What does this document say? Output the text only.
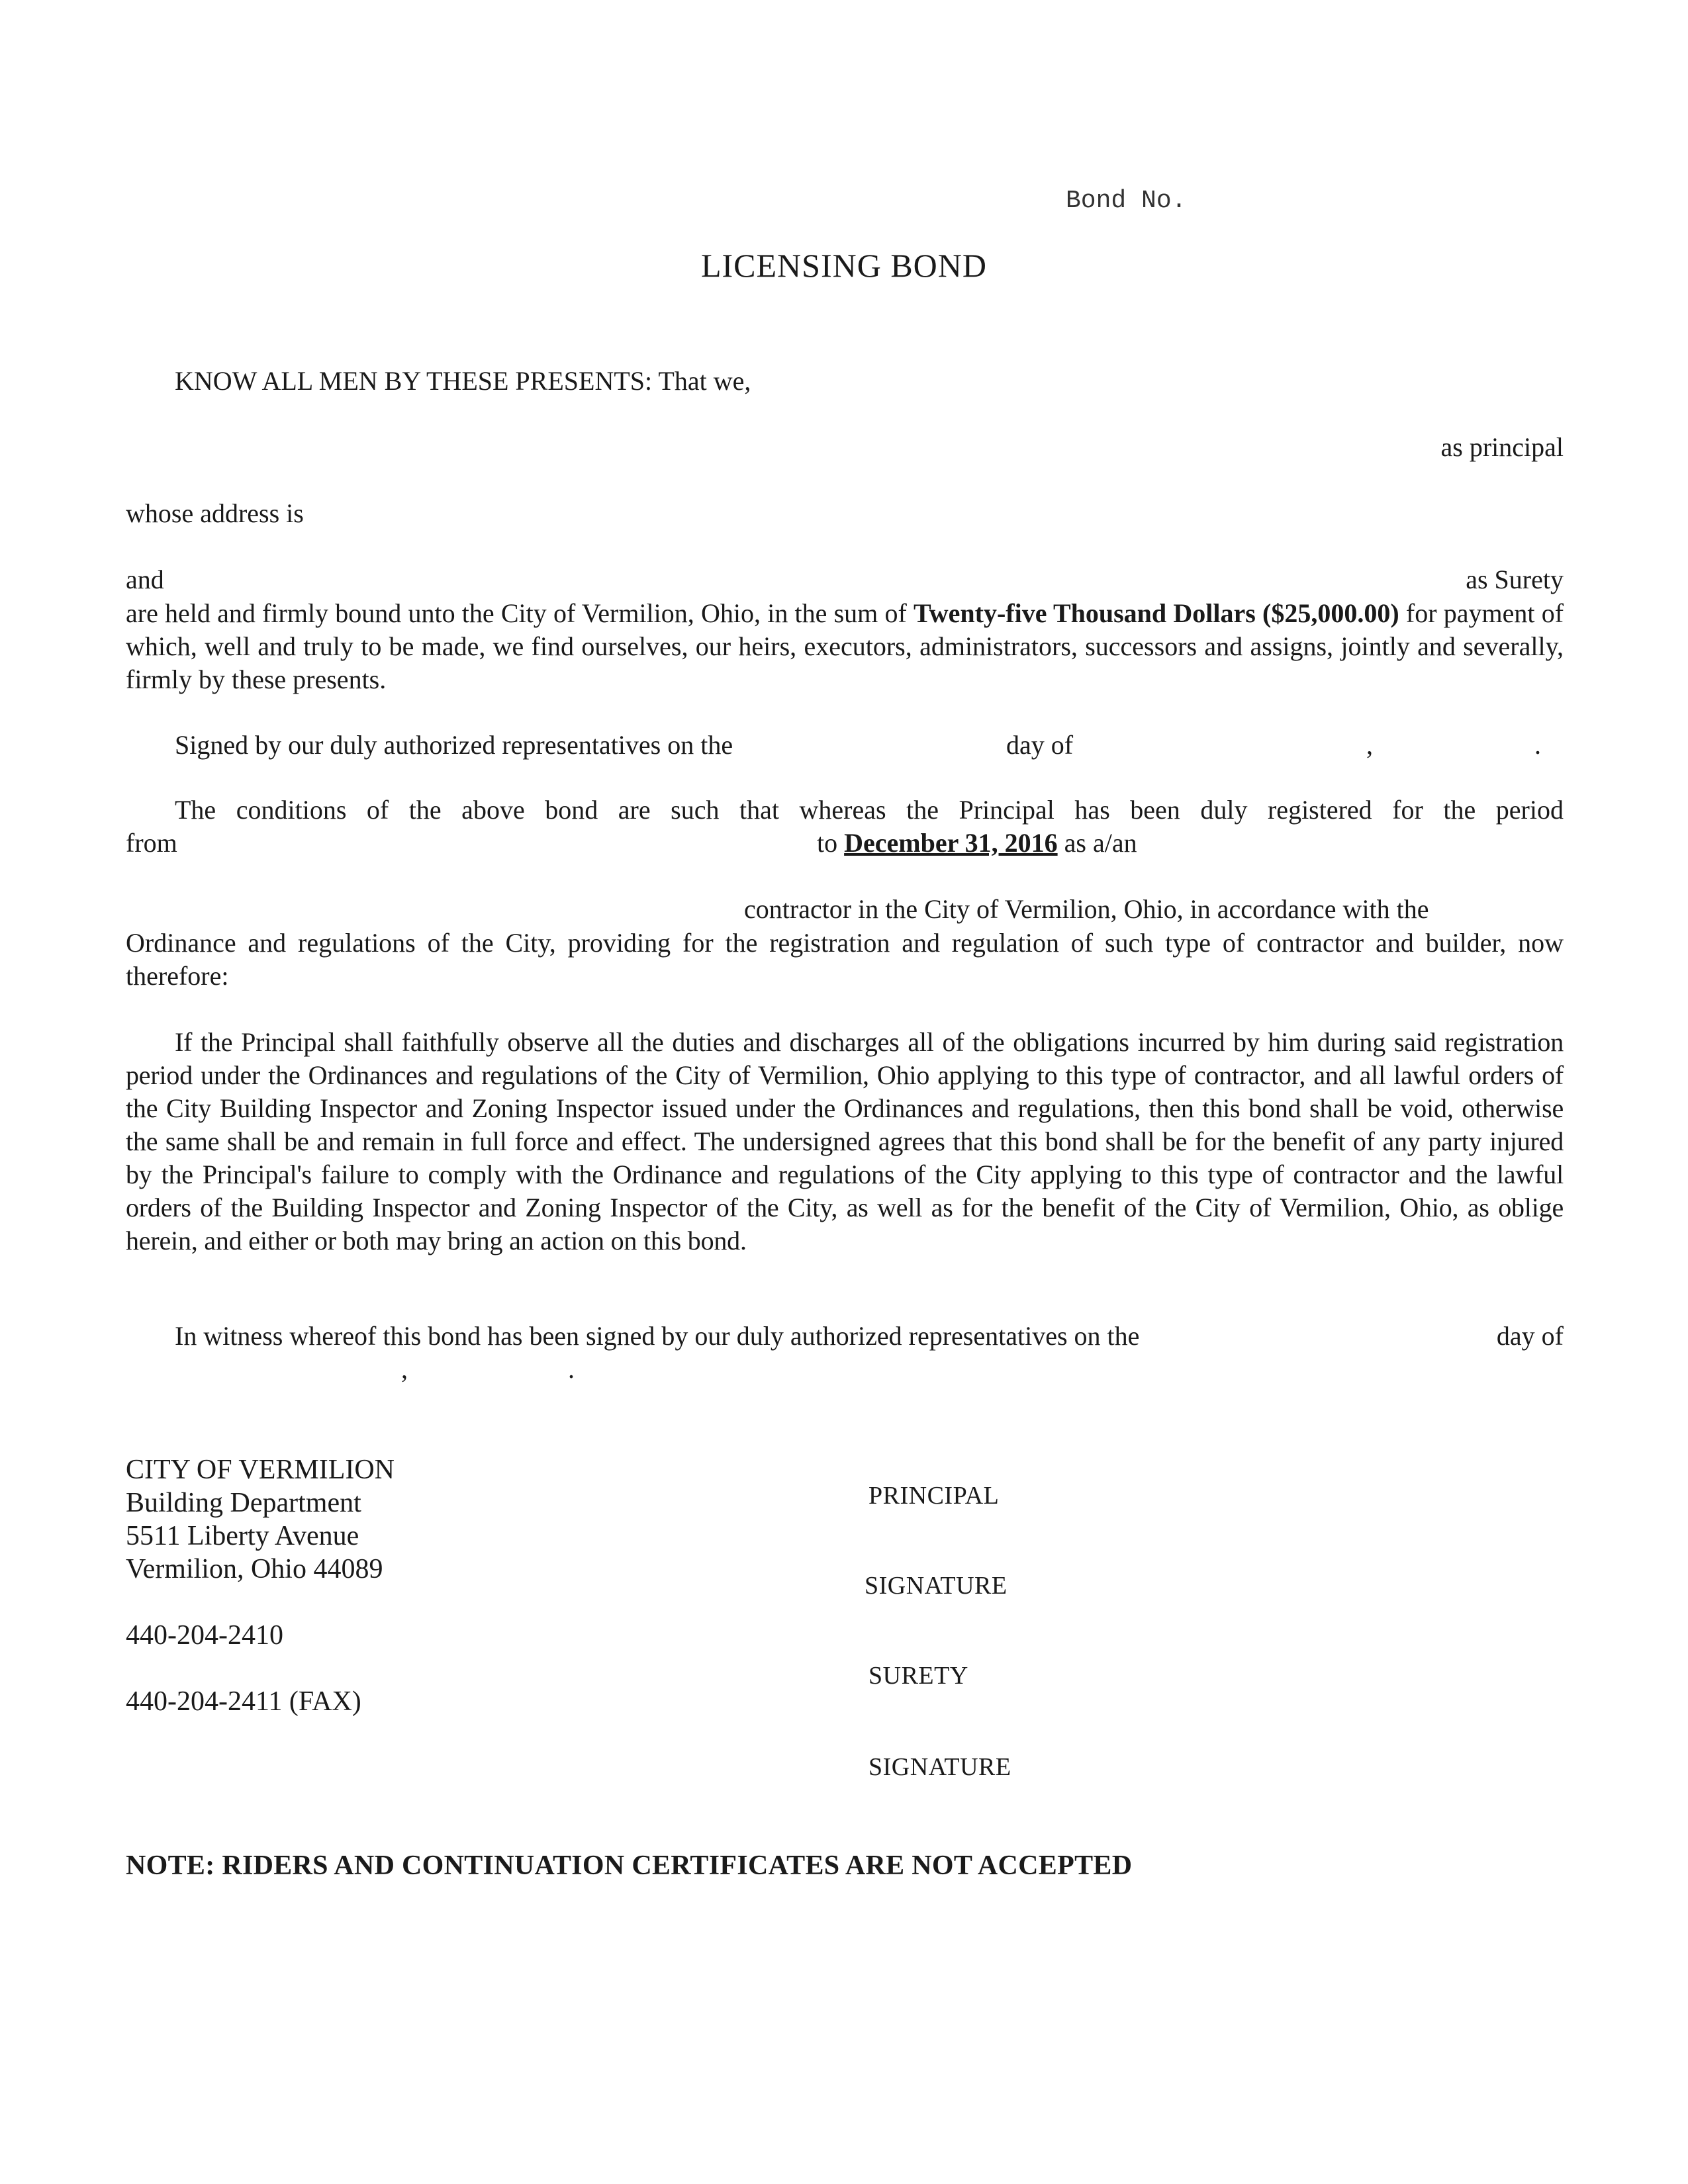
Bond No.
LICENSING BOND
KNOW ALL MEN BY THESE PRESENTS: That we,
as principal
whose address is
and	as Surety
are held and firmly bound unto the City of Vermilion, Ohio, in the sum of Twenty-five Thousand Dollars ($25,000.00) for payment of which, well and truly to be made, we find ourselves, our heirs, executors, administrators, successors and assigns, jointly and severally, firmly by these presents.
Signed by our duly authorized representatives on the	day of	,	.
The conditions of the above bond are such that whereas the Principal has been duly registered for the period
from	to December 31, 2016 as a/an
contractor in the City of Vermilion, Ohio, in accordance with the
Ordinance and regulations of the City, providing for the registration and regulation of such type of contractor and builder, now therefore:
If the Principal shall faithfully observe all the duties and discharges all of the obligations incurred by him during said registration period under the Ordinances and regulations of the City of Vermilion, Ohio applying to this type of contractor, and all lawful orders of the City Building Inspector and Zoning Inspector issued under the Ordinances and regulations, then this bond shall be void, otherwise the same shall be and remain in full force and effect. The undersigned agrees that this bond shall be for the benefit of any party injured by the Principal's failure to comply with the Ordinance and regulations of the City applying to this type of contractor and the lawful orders of the Building Inspector and Zoning Inspector of the City, as well as for the benefit of the City of Vermilion, Ohio, as oblige herein, and either or both may bring an action on this bond.
In witness whereof this bond has been signed by our duly authorized representatives on the	day of
,	.
CITY OF VERMILION
Building Department
5511 Liberty Avenue
Vermilion, Ohio 44089
440-204-2410
440-204-2411 (FAX)
PRINCIPAL
SIGNATURE
SURETY
SIGNATURE
NOTE: RIDERS AND CONTINUATION CERTIFICATES ARE NOT ACCEPTED
